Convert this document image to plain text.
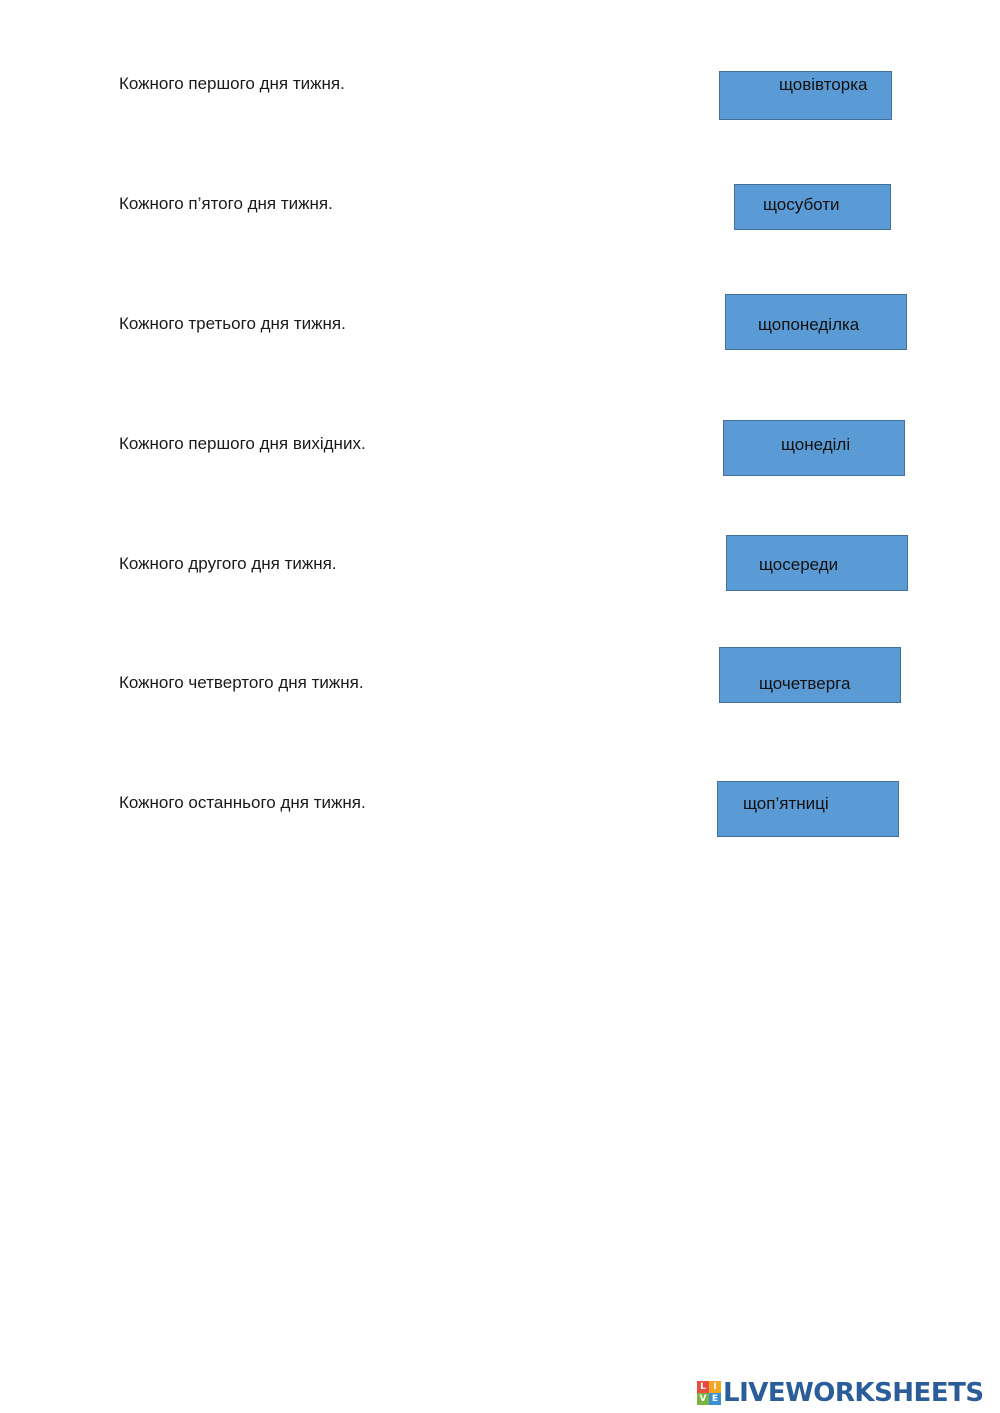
Кожного першого дня тижня.
Кожного п’ятого дня тижня.
Кожного третього дня тижня.
Кожного першого дня вихідних.
Кожного другого дня тижня.
Кожного четвертого дня тижня.
Кожного останнього дня тижня.
щовівторка
щосуботи
щопонеділка
щонеділі
щосереди
щочетверга
щоп’ятниці
L I
V E LIVEWORKSHEETS
